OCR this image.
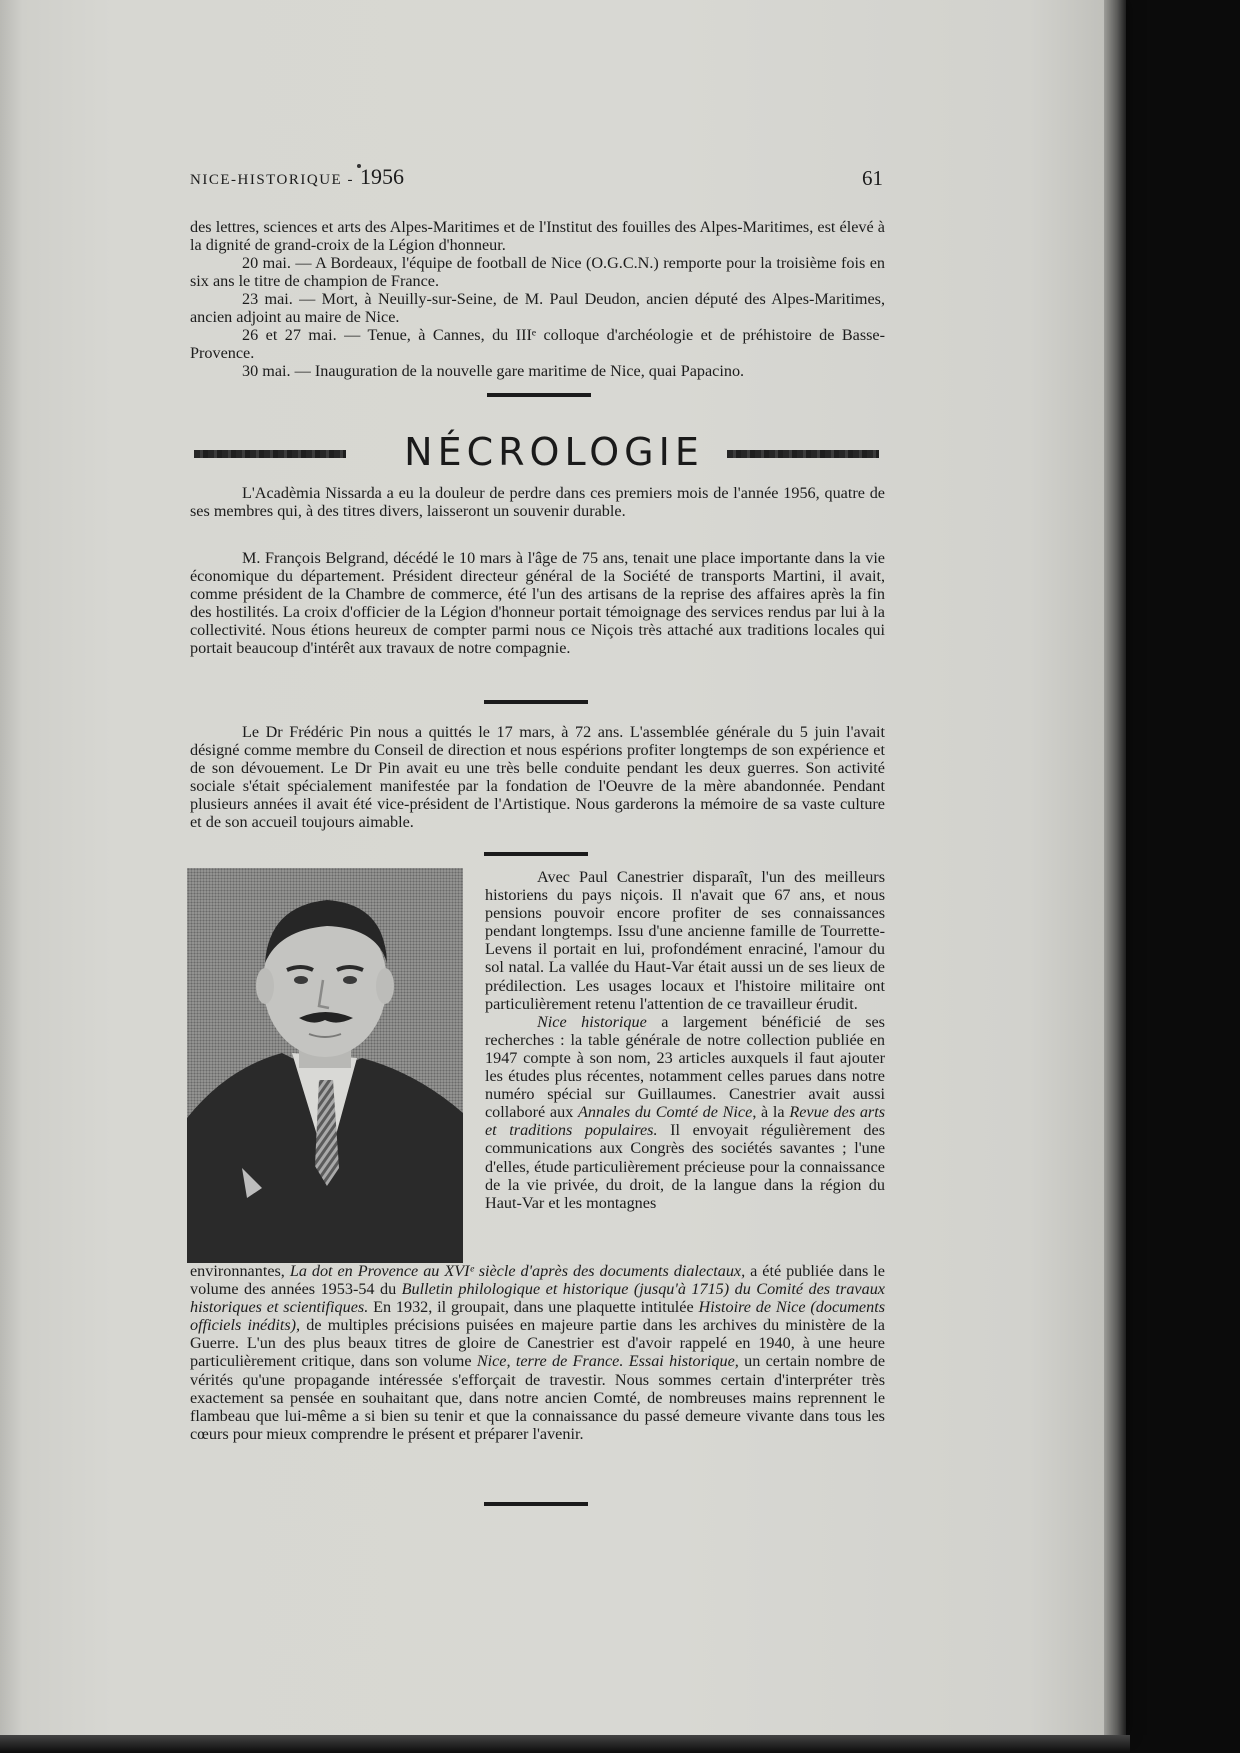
NICE-HISTORIQUE - 1956	61

des lettres, sciences et arts des Alpes-Maritimes et de l'Institut des fouilles des Alpes-Maritimes, est élevé à la dignité de grand-croix de la Légion d'honneur.

20 mai. — A Bordeaux, l'équipe de football de Nice (O.G.C.N.) remporte pour la troisième fois en six ans le titre de champion de France.

23 mai. — Mort, à Neuilly-sur-Seine, de M. Paul Deudon, ancien député des Alpes-Maritimes, ancien adjoint au maire de Nice.

26 et 27 mai. — Tenue, à Cannes, du IIIᵉ colloque d'archéologie et de préhistoire de Basse-Provence.

30 mai. — Inauguration de la nouvelle gare maritime de Nice, quai Papacino.

NÉCROLOGIE

L'Acadèmia Nissarda a eu la douleur de perdre dans ces premiers mois de l'année 1956, quatre de ses membres qui, à des titres divers, laisseront un souvenir durable.

M. François Belgrand, décédé le 10 mars à l'âge de 75 ans, tenait une place importante dans la vie économique du département. Président directeur général de la Société de transports Martini, il avait, comme président de la Chambre de commerce, été l'un des artisans de la reprise des affaires après la fin des hostilités. La croix d'officier de la Légion d'honneur portait témoignage des services rendus par lui à la collectivité. Nous étions heureux de compter parmi nous ce Niçois très attaché aux traditions locales qui portait beaucoup d'intérêt aux travaux de notre compagnie.

Le Dr Frédéric Pin nous a quittés le 17 mars, à 72 ans. L'assemblée générale du 5 juin l'avait désigné comme membre du Conseil de direction et nous espérions profiter longtemps de son expérience et de son dévouement. Le Dr Pin avait eu une très belle conduite pendant les deux guerres. Son activité sociale s'était spécialement manifestée par la fondation de l'Oeuvre de la mère abandonnée. Pendant plusieurs années il avait été vice-président de l'Artistique. Nous garderons la mémoire de sa vaste culture et de son accueil toujours aimable.

Avec Paul Canestrier disparaît, l'un des meilleurs historiens du pays niçois. Il n'avait que 67 ans, et nous pensions pouvoir encore profiter de ses connaissances pendant longtemps. Issu d'une ancienne famille de Tourrette-Levens il portait en lui, profondément enraciné, l'amour du sol natal. La vallée du Haut-Var était aussi un de ses lieux de prédilection. Les usages locaux et l'histoire militaire ont particulièrement retenu l'attention de ce travailleur érudit.

Nice historique a largement bénéficié de ses recherches : la table générale de notre collection publiée en 1947 compte à son nom, 23 articles auxquels il faut ajouter les études plus récentes, notamment celles parues dans notre numéro spécial sur Guillaumes. Canestrier avait aussi collaboré aux Annales du Comté de Nice, à la Revue des arts et traditions populaires. Il envoyait régulièrement des communications aux Congrès des sociétés savantes ; l'une d'elles, étude particulièrement précieuse pour la connaissance de la vie privée, du droit, de la langue dans la région du Haut-Var et les montagnes

environnantes, La dot en Provence au XVIᵉ siècle d'après des documents dialectaux, a été publiée dans le volume des années 1953-54 du Bulletin philologique et historique (jusqu'à 1715) du Comité des travaux historiques et scientifiques. En 1932, il groupait, dans une plaquette intitulée Histoire de Nice (documents officiels inédits), de multiples précisions puisées en majeure partie dans les archives du ministère de la Guerre. L'un des plus beaux titres de gloire de Canestrier est d'avoir rappelé en 1940, à une heure particulièrement critique, dans son volume Nice, terre de France. Essai historique, un certain nombre de vérités qu'une propagande intéressée s'efforçait de travestir. Nous sommes certain d'interpréter très exactement sa pensée en souhaitant que, dans notre ancien Comté, de nombreuses mains reprennent le flambeau que lui-même a si bien su tenir et que la connaissance du passé demeure vivante dans tous les cœurs pour mieux comprendre le présent et préparer l'avenir.
